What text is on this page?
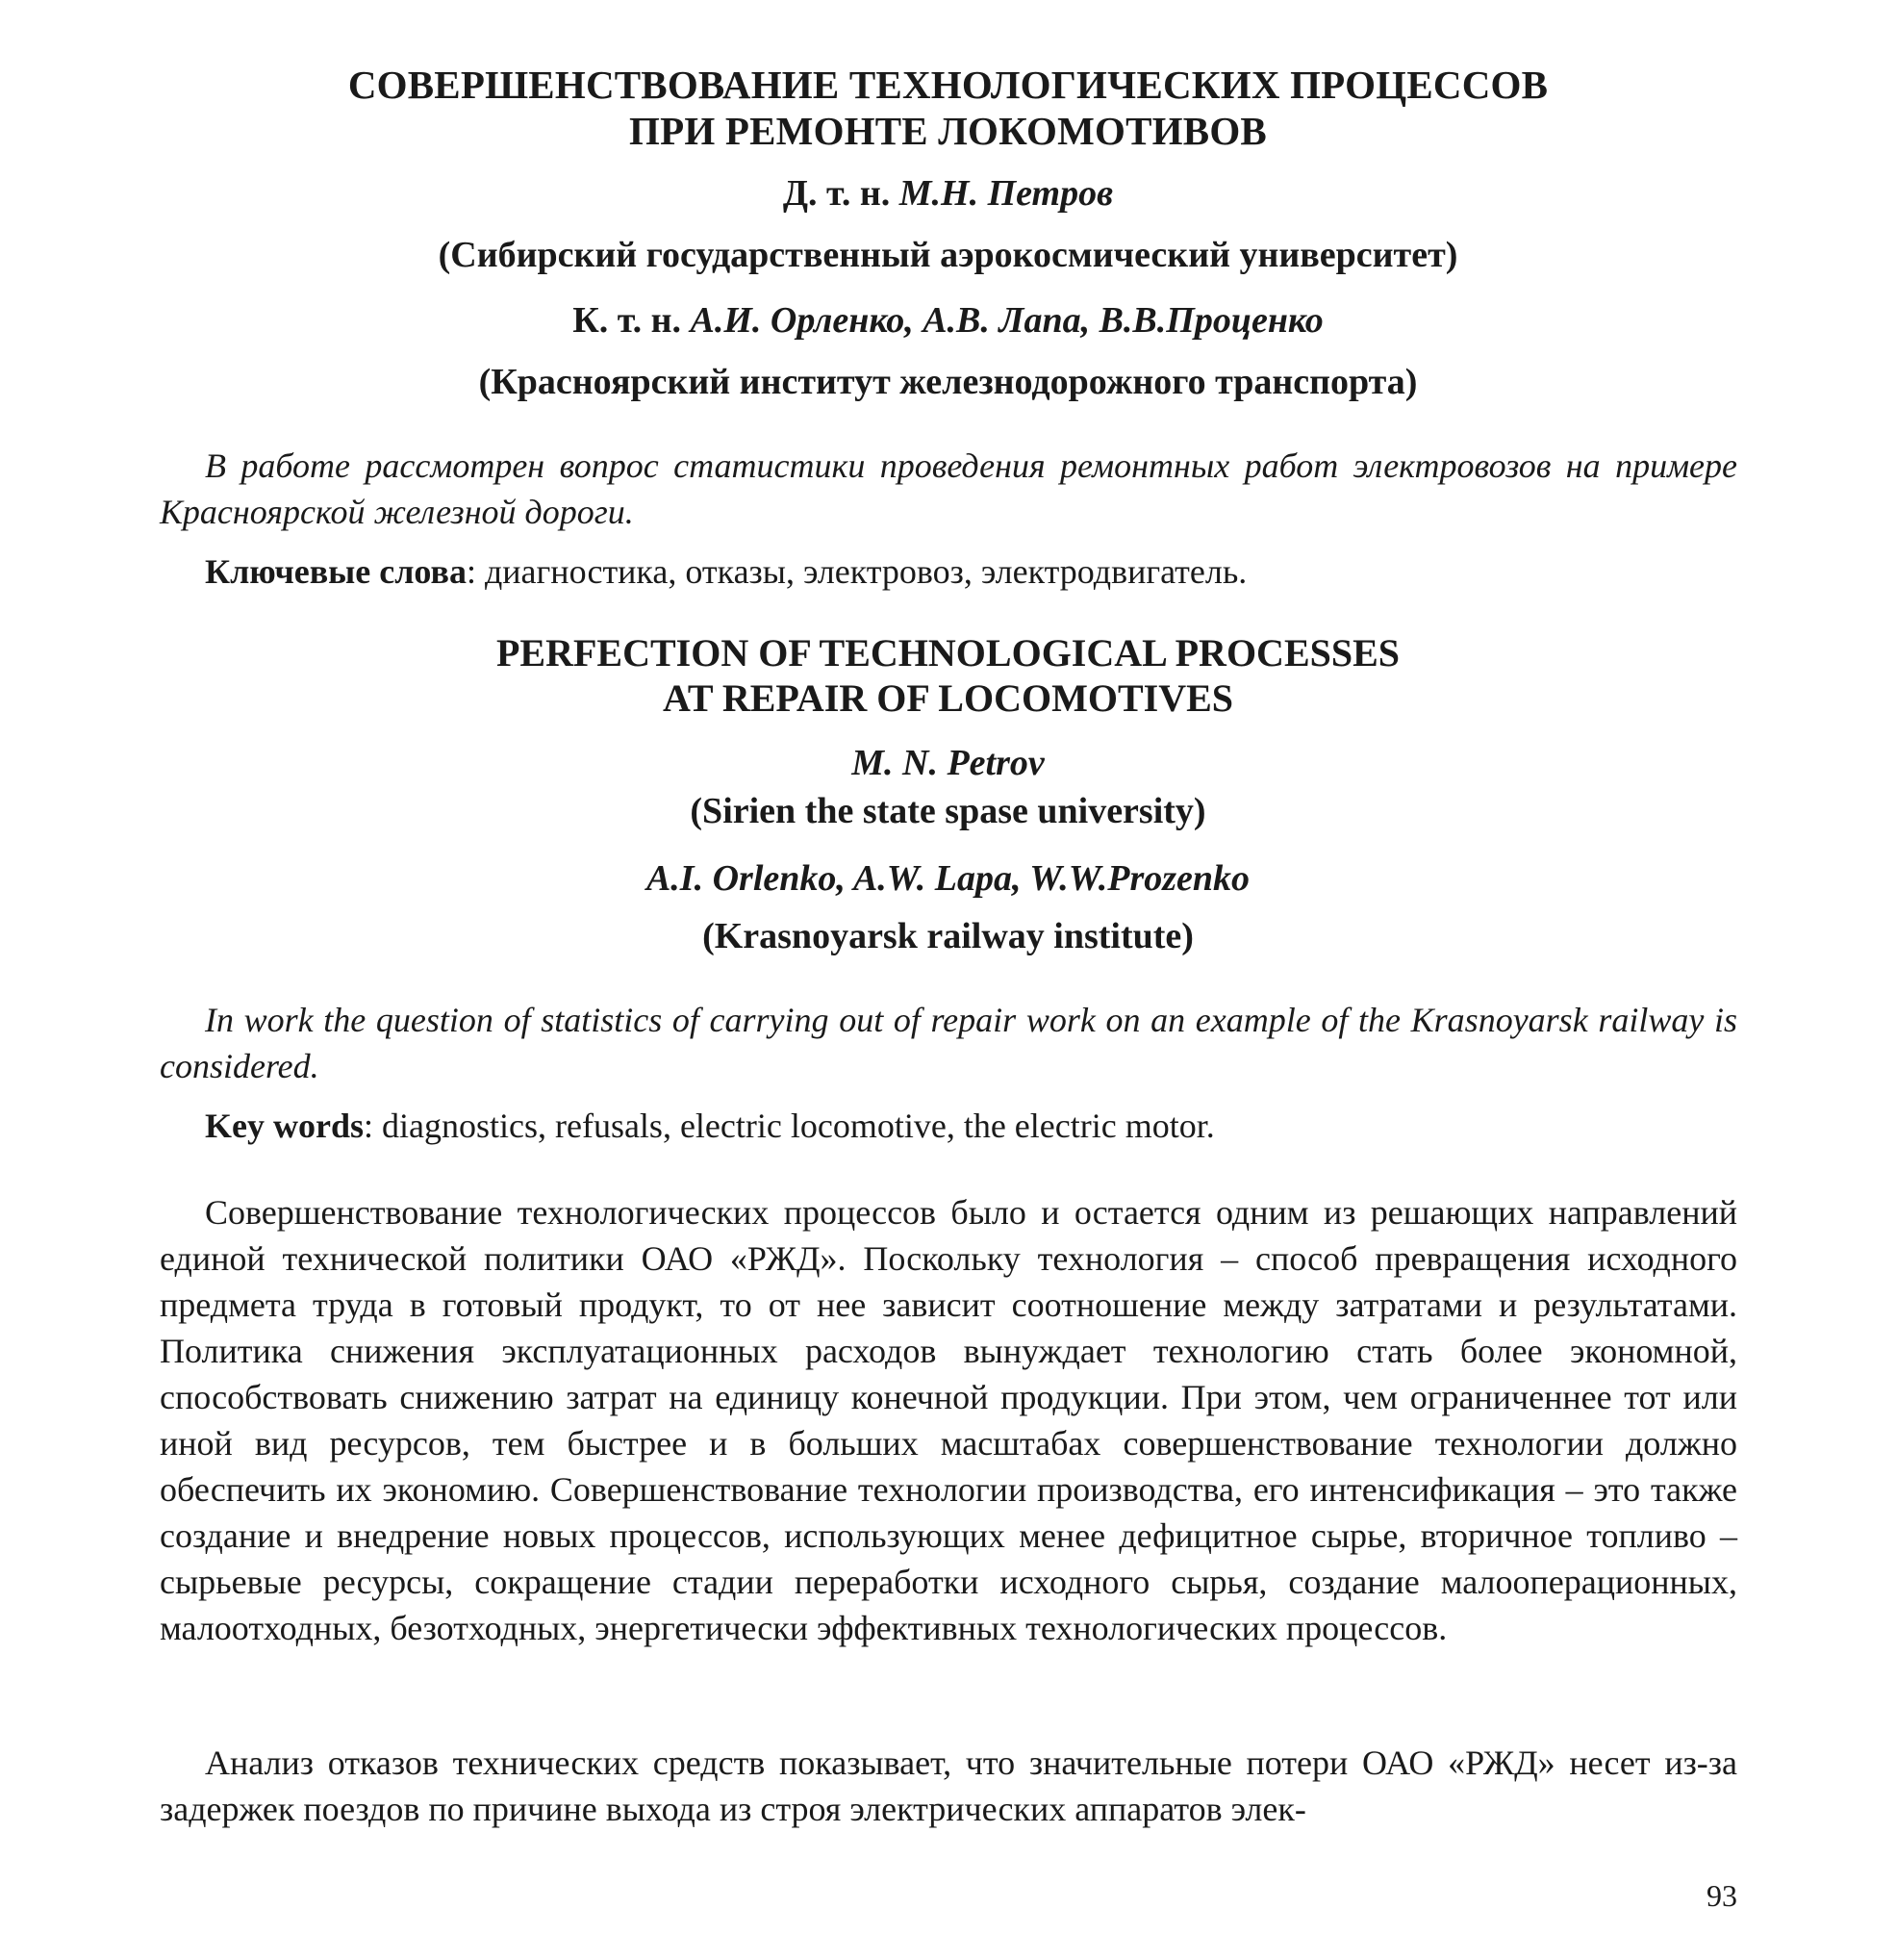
СОВЕРШЕНСТВОВАНИЕ ТЕХНОЛОГИЧЕСКИХ ПРОЦЕССОВ
ПРИ РЕМОНТЕ ЛОКОМОТИВОВ
Д. т. н. М.Н. Петров
(Сибирский государственный аэрокосмический университет)
К. т. н. А.И. Орленко, А.В. Лапа, В.В.Проценко
(Красноярский институт железнодорожного транспорта)
В работе рассмотрен вопрос статистики проведения ремонтных работ электровозов на примере Красноярской железной дороги.
Ключевые слова: диагностика, отказы, электровоз, электродвигатель.
PERFECTION OF TECHNOLOGICAL PROCESSES
AT REPAIR OF LOCOMOTIVES
M. N. Petrov
(Sirien the state spase university)
A.I. Orlenko, A.W. Lapa, W.W.Prozenko
(Krasnoyarsk railway institute)
In work the question of statistics of carrying out of repair work on an example of the Krasnoyarsk railway is considered.
Key words: diagnostics, refusals, electric locomotive, the electric motor.
Совершенствование технологических процессов было и остается одним из решающих направлений единой технической политики ОАО «РЖД». Поскольку технология – способ превращения исходного предмета труда в готовый продукт, то от нее зависит соотношение между затратами и результатами. Политика снижения эксплуатационных расходов вынуждает технологию стать более экономной, способствовать снижению затрат на единицу конечной продукции. При этом, чем ограниченнее тот или иной вид ресурсов, тем быстрее и в больших масштабах совершенствование технологии должно обеспечить их экономию. Совершенствование технологии производства, его интенсификация – это также создание и внедрение новых процессов, использующих менее дефицитное сырье, вторичное топливо – сырьевые ресурсы, сокращение стадии переработки исходного сырья, создание малооперационных, малоотходных, безотходных, энергетически эффективных технологических процессов.
Анализ отказов технических средств показывает, что значительные потери ОАО «РЖД» несет из-за задержек поездов по причине выхода из строя электрических аппаратов элек-
93
